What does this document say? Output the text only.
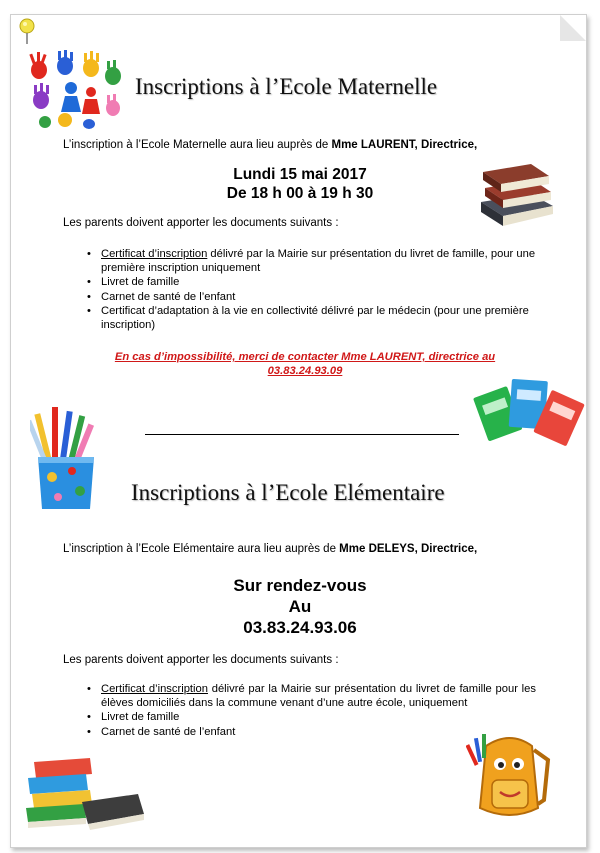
Inscriptions à l’Ecole Maternelle
L’inscription à l’Ecole Maternelle aura lieu auprès de Mme LAURENT, Directrice,
Lundi 15 mai 2017
De 18 h 00 à 19 h 30
Les parents doivent apporter les documents suivants :
• Certificat d’inscription délivré par la Mairie sur présentation du livret de famille, pour une première inscription uniquement
• Livret de famille
• Carnet de santé de l’enfant
• Certificat d’adaptation à la vie en collectivité délivré par le médecin (pour une première inscription)
En cas d’impossibilité, merci de contacter Mme LAURENT, directrice au
03.83.24.93.09
Inscriptions à l’Ecole Elémentaire
L’inscription à l’Ecole Elémentaire aura lieu auprès de Mme DELEYS, Directrice,
Sur rendez-vous
Au
03.83.24.93.06
Les parents doivent apporter les documents suivants :
• Certificat d’inscription délivré par la Mairie sur présentation du livret de famille pour les élèves domiciliés dans la commune venant d’une autre école, uniquement
• Livret de famille
• Carnet de santé de l’enfant
